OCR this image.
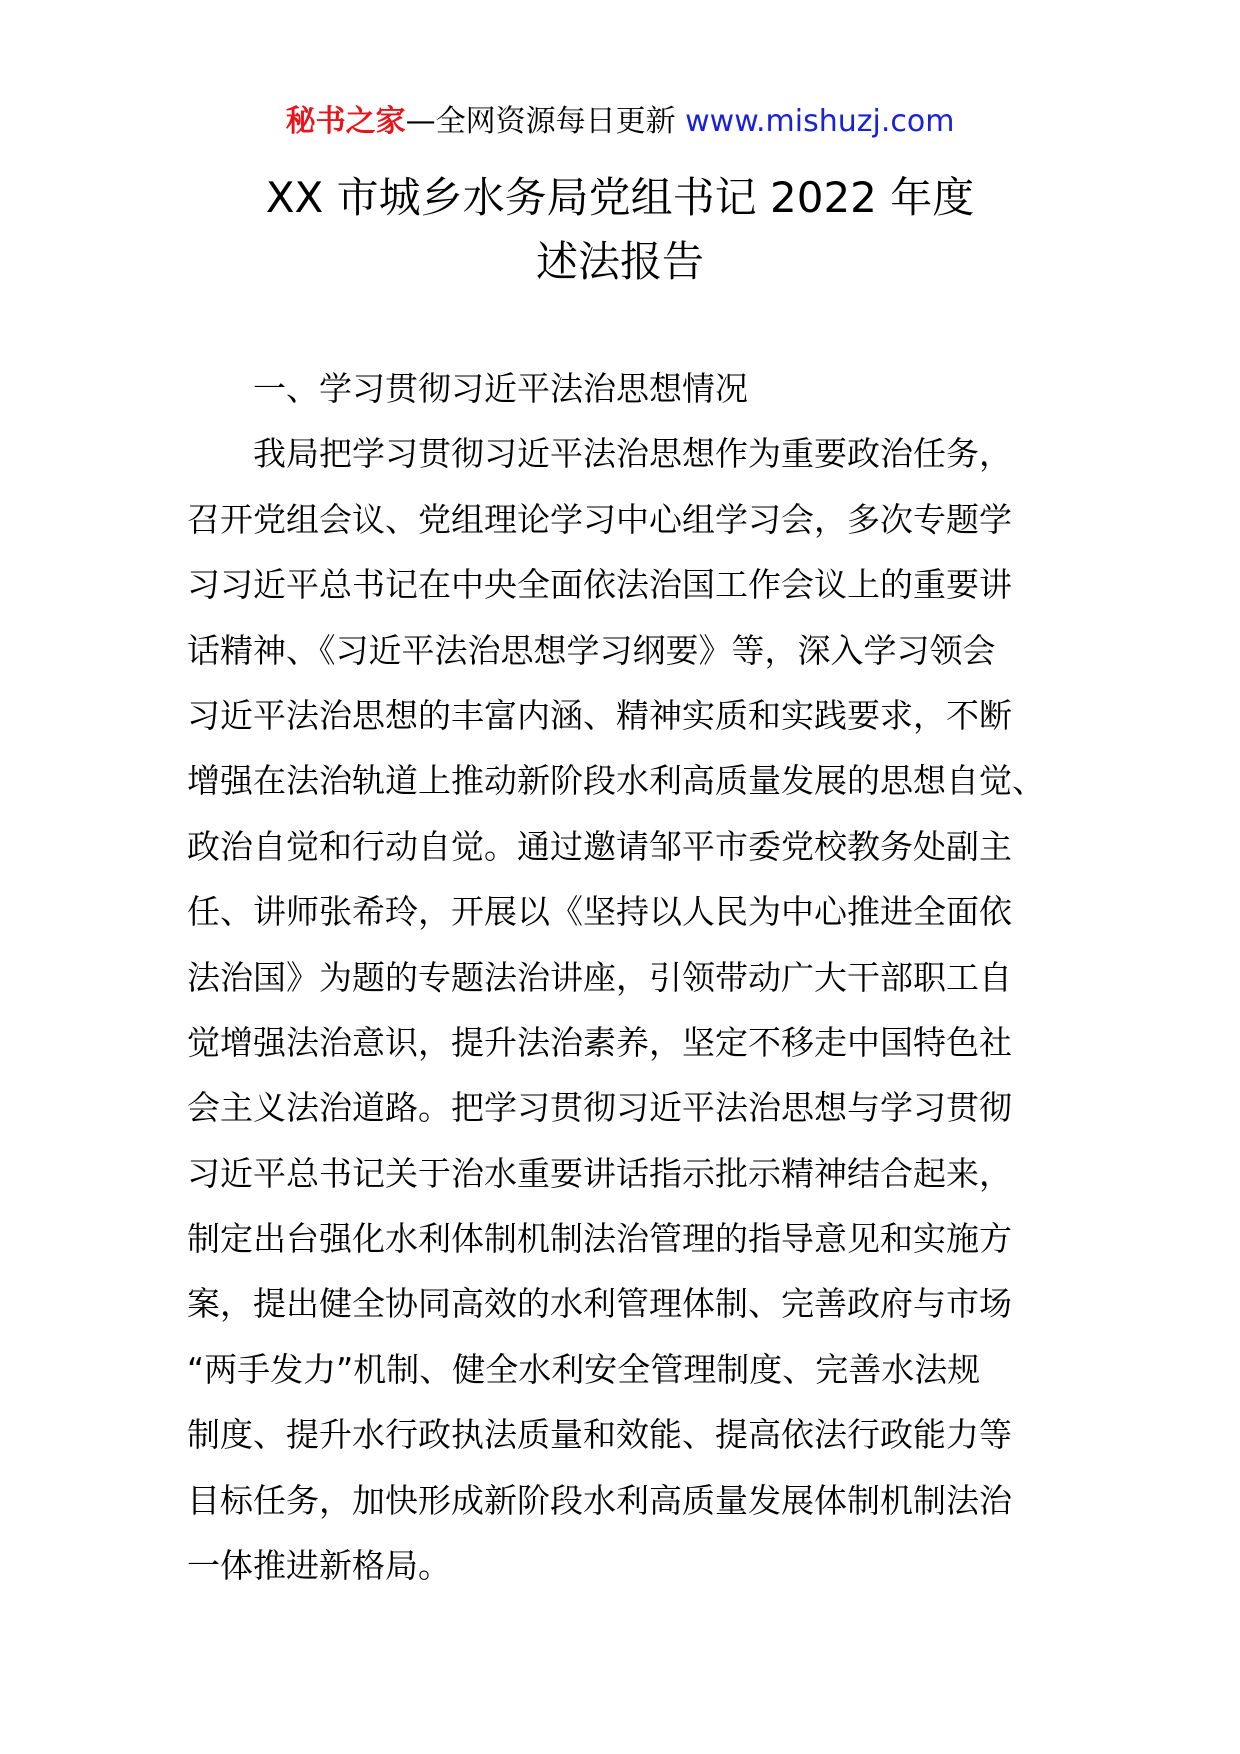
秘书之家—全网资源每日更新 www.mishuzj.com
XX 市城乡水务局党组书记 2022 年度
述法报告
一、学习贯彻习近平法治思想情况
我局把学习贯彻习近平法治思想作为重要政治任务，
召开党组会议、党组理论学习中心组学习会，多次专题学
习习近平总书记在中央全面依法治国工作会议上的重要讲
话精神、《习近平法治思想学习纲要》等，深入学习领会
习近平法治思想的丰富内涵、精神实质和实践要求，不断
增强在法治轨道上推动新阶段水利高质量发展的思想自觉、
政治自觉和行动自觉。通过邀请邹平市委党校教务处副主
任、讲师张希玲，开展以《坚持以人民为中心推进全面依
法治国》为题的专题法治讲座，引领带动广大干部职工自
觉增强法治意识，提升法治素养，坚定不移走中国特色社
会主义法治道路。把学习贯彻习近平法治思想与学习贯彻
习近平总书记关于治水重要讲话指示批示精神结合起来，
制定出台强化水利体制机制法治管理的指导意见和实施方
案，提出健全协同高效的水利管理体制、完善政府与市场
“两手发力”机制、健全水利安全管理制度、完善水法规
制度、提升水行政执法质量和效能、提高依法行政能力等
目标任务，加快形成新阶段水利高质量发展体制机制法治
一体推进新格局。
